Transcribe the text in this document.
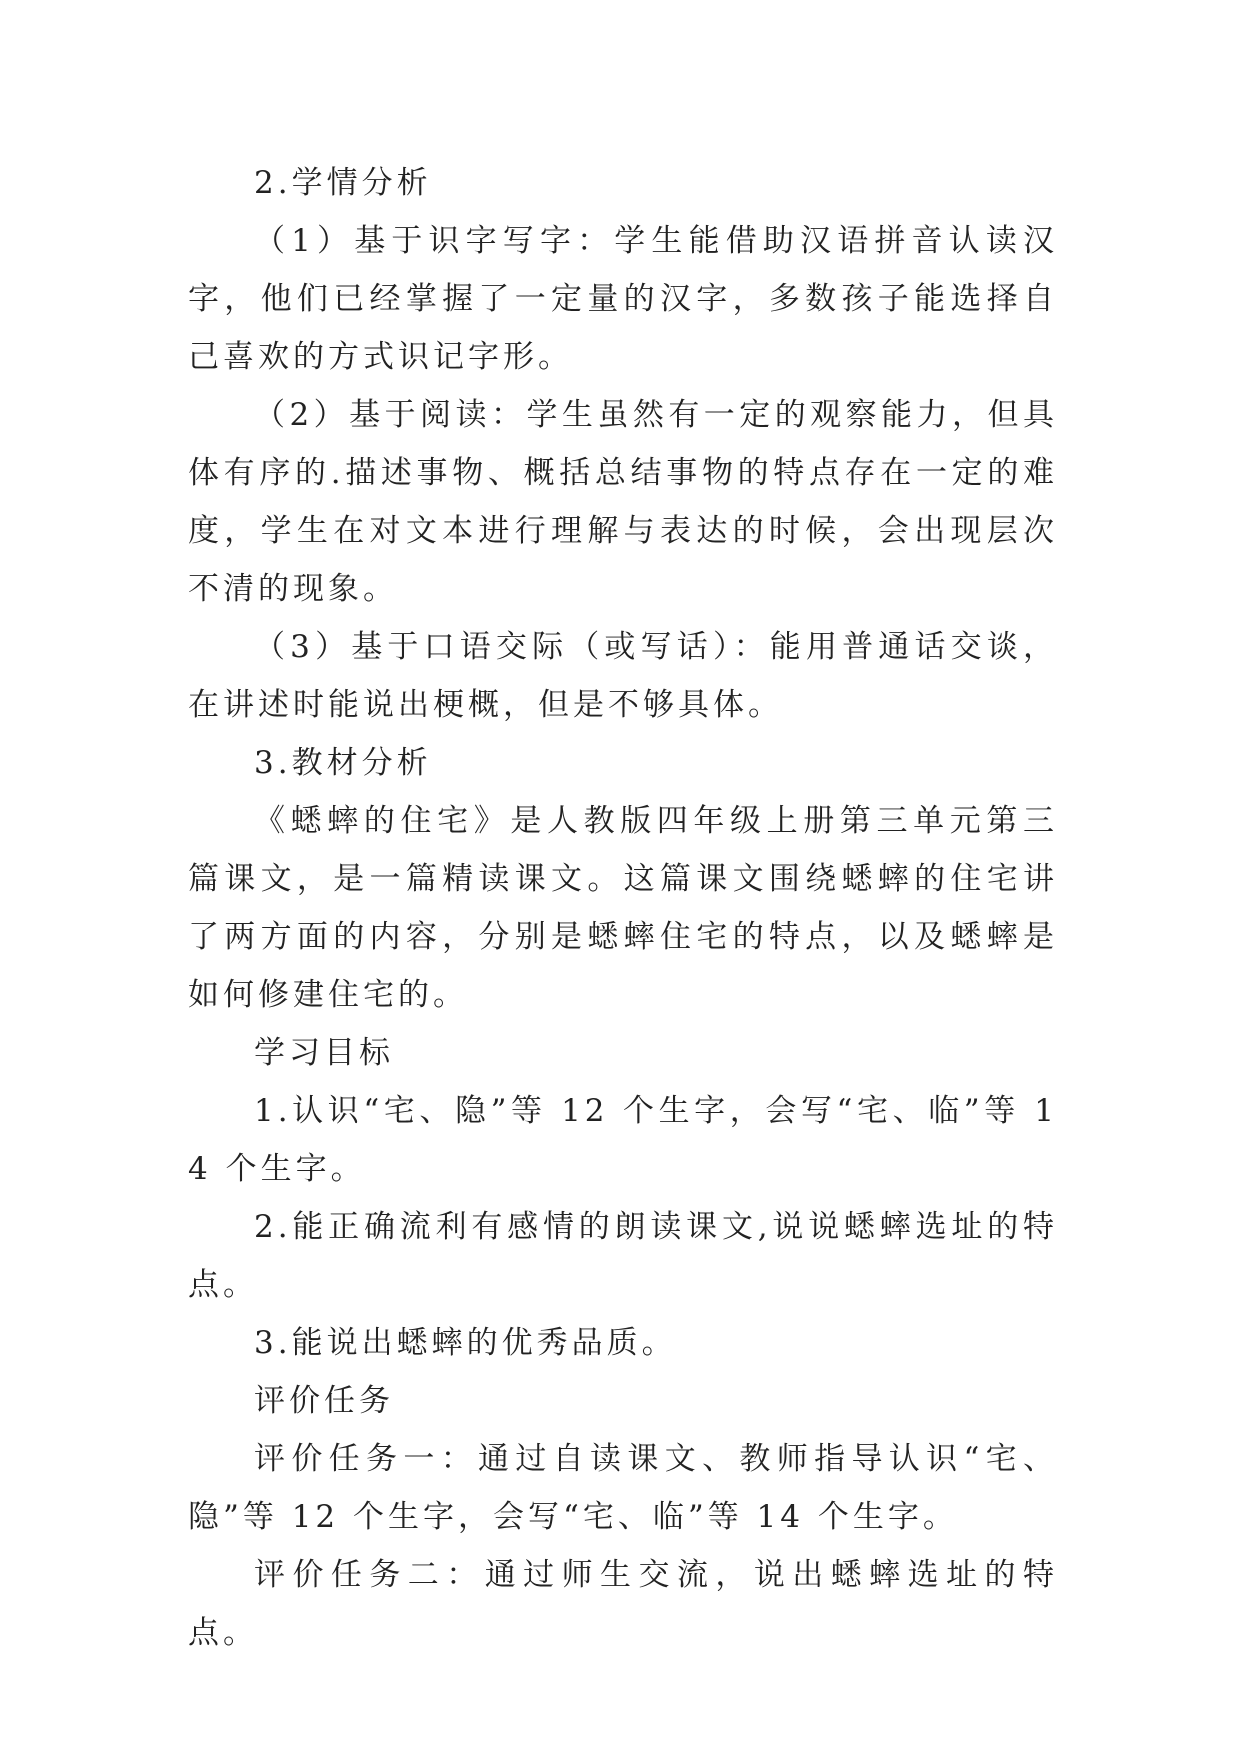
2.学情分析

（1）基于识字写字：学生能借助汉语拼音认读汉字，他们已经掌握了一定量的汉字，多数孩子能选择自己喜欢的方式识记字形。

（2）基于阅读：学生虽然有一定的观察能力，但具体有序的.描述事物、概括总结事物的特点存在一定的难度，学生在对文本进行理解与表达的时候，会出现层次不清的现象。

（3）基于口语交际（或写话）：能用普通话交谈，在讲述时能说出梗概，但是不够具体。

3.教材分析

《蟋蟀的住宅》是人教版四年级上册第三单元第三篇课文，是一篇精读课文。这篇课文围绕蟋蟀的住宅讲了两方面的内容，分别是蟋蟀住宅的特点，以及蟋蟀是如何修建住宅的。

学习目标

1.认识“宅、隐”等 12 个生字，会写“宅、临”等 14 个生字。

2.能正确流利有感情的朗读课文,说说蟋蟀选址的特点。

3.能说出蟋蟀的优秀品质。

评价任务

评价任务一：通过自读课文、教师指导认识“宅、隐”等 12 个生字，会写“宅、临”等 14 个生字。

评价任务二：通过师生交流，说出蟋蟀选址的特点。
